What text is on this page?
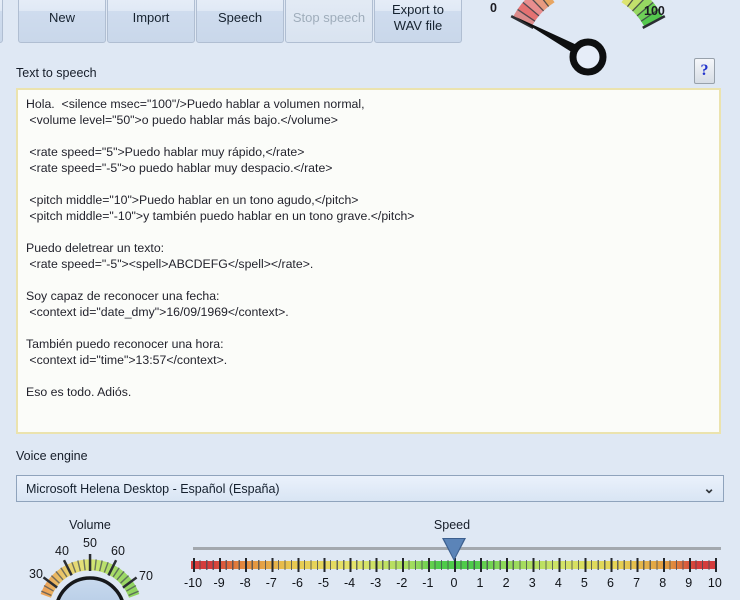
New	Import	Speech	Stop speech
Export to WAV file
0	100
?
Text to speech
Hola. <silence msec="100"/>Puedo hablar a volumen normal, <volume level="50">o puedo hablar más bajo.</volume> <rate speed="5">Puedo hablar muy rápido,</rate> <rate speed="-5">o puedo hablar muy despacio.</rate> <pitch middle="10">Puedo hablar en un tono agudo,</pitch> <pitch middle="-10">y también puedo hablar en un tono grave.</pitch> Puedo deletrear un texto: <rate speed="-5"><spell>ABCDEFG</spell></rate>. Soy capaz de reconocer una fecha: <context id="date_dmy">16/09/1969</context>. También puedo reconocer una hora: <context id="time">13:57</context>. Eso es todo. Adiós.
Voice engine
Microsoft Helena Desktop - Español (España)	⌄
Volume
30
40
50
60
70
Speed
-10 -9	-8	-7	-6	-5	-4	-3	-2	-1	0	1	2	3	4	5	6	7	8	9	10
